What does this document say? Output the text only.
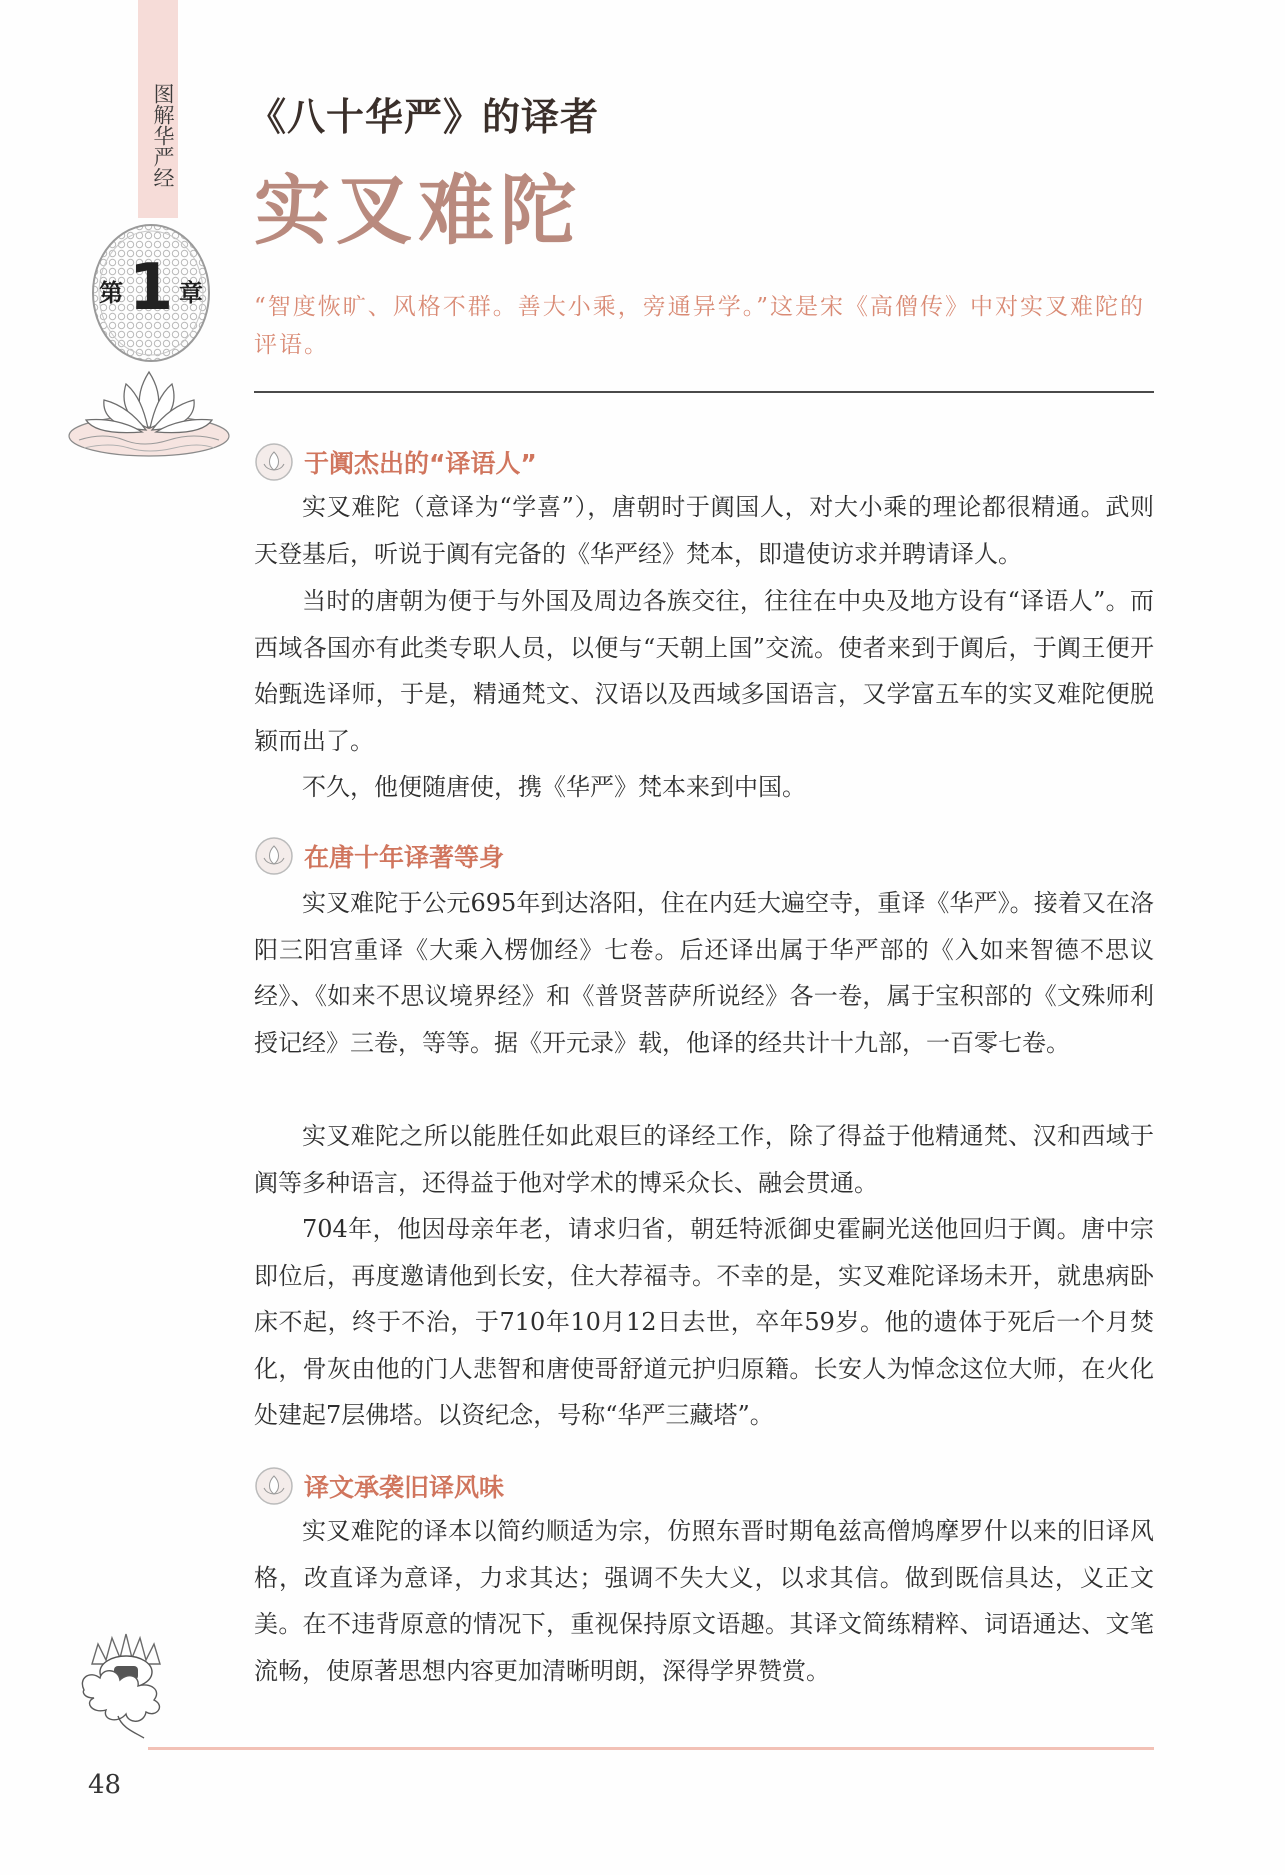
图解华严经
第 1 章
《八十华严》的译者
实叉难陀
“智度恢旷、风格不群。善大小乘，旁通异学。”这是宋《高僧传》中对实叉难陀的评语。
于阗杰出的“译语人”

实叉难陀（意译为“学喜”），唐朝时于阗国人，对大小乘的理论都很精通。武则天登基后，听说于阗有完备的《华严经》梵本，即遣使访求并聘请译人。

当时的唐朝为便于与外国及周边各族交往，往往在中央及地方设有“译语人”。而西域各国亦有此类专职人员，以便与“天朝上国”交流。使者来到于阗后，于阗王便开始甄选译师，于是，精通梵文、汉语以及西域多国语言，又学富五车的实叉难陀便脱颖而出了。

不久，他便随唐使，携《华严》梵本来到中国。

在唐十年译著等身

实叉难陀于公元695年到达洛阳，住在内廷大遍空寺，重译《华严》。接着又在洛阳三阳宫重译《大乘入楞伽经》七卷。后还译出属于华严部的《入如来智德不思议经》、《如来不思议境界经》和《普贤菩萨所说经》各一卷，属于宝积部的《文殊师利授记经》三卷，等等。据《开元录》载，他译的经共计十九部，一百零七卷。

实叉难陀之所以能胜任如此艰巨的译经工作，除了得益于他精通梵、汉和西域于阗等多种语言，还得益于他对学术的博采众长、融会贯通。

704年，他因母亲年老，请求归省，朝廷特派御史霍嗣光送他回归于阗。唐中宗即位后，再度邀请他到长安，住大荐福寺。不幸的是，实叉难陀译场未开，就患病卧床不起，终于不治，于710年10月12日去世，卒年59岁。他的遗体于死后一个月焚化，骨灰由他的门人悲智和唐使哥舒道元护归原籍。长安人为悼念这位大师，在火化处建起7层佛塔。以资纪念，号称“华严三藏塔”。

译文承袭旧译风味

实叉难陀的译本以简约顺适为宗，仿照东晋时期龟兹高僧鸠摩罗什以来的旧译风格，改直译为意译，力求其达；强调不失大义，以求其信。做到既信具达，义正文美。在不违背原意的情况下，重视保持原文语趣。其译文简练精粹、词语通达、文笔流畅，使原著思想内容更加清晰明朗，深得学界赞赏。

48
